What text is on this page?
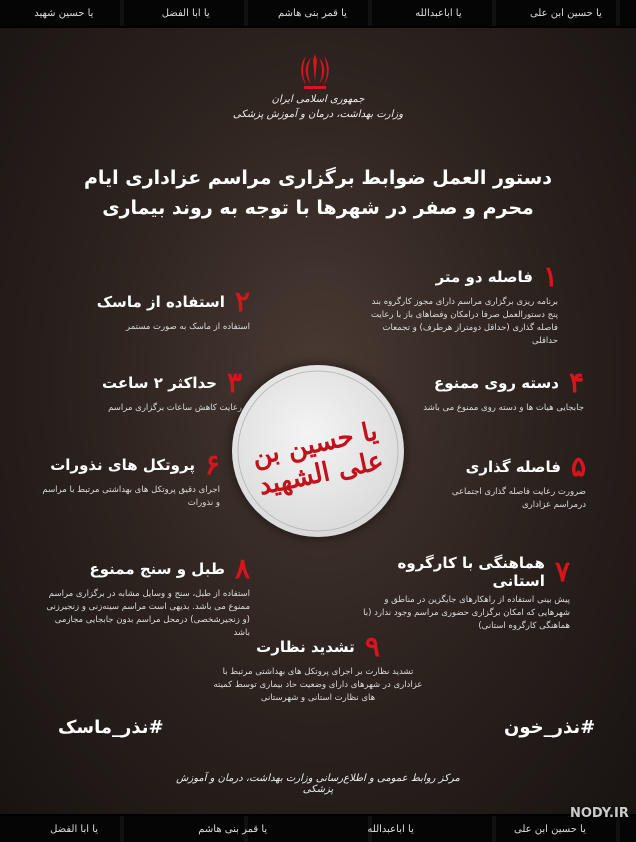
یا حسین ابن علی
یا اباعبدالله
یا قمر بنی هاشم
یا ابا الفضل
یا حسین شهید
جمهوری اسلامی ایران
وزارت بهداشت، درمان و آموزش پزشکی
دستور العمل ضوابط برگزاری مراسم عزاداری ایام
محرم و صفر در شهرها با توجه به روند بیماری
۱
فاصله دو متر
برنامه ریزی برگزاری مراسم دارای مجوز کارگروه بند پنج دستورالعمل صرفا درامکان وفضاهای باز با رعایت فاصله گذاری (حداقل دومتراز هرطرف) و تجمعات حداقلی
۲
استفاده از ماسک
استفاده از ماسک به صورت مستمر
۳
حداکثر ۲ ساعت
رعایت کاهش ساعات برگزاری مراسم
۴
دسته روی ممنوع
جابجایی هیات ها و دسته روی ممنوع می باشد
۵
فاصله گذاری
ضرورت رعایت فاصله گذاری اجتماعی درمراسم عزاداری
۶
پروتکل های نذورات
اجرای دقیق پروتکل های بهداشتی مرتبط با مراسم و نذورات
۷
هماهنگی با کارگروه استانی
پیش بینی استفاده از راهکارهای جایگزین در مناطق و شهرهایی که امکان برگزاری حضوری مراسم وجود ندارد (با هماهنگی کارگروه استانی)
۸
طبل و سنج ممنوع
استفاده از طبل، سنج و وسایل مشابه در برگزاری مراسم ممنوع می باشد. بدیهی است مراسم سینه‌زنی و زنجیرزنی (و زنجیرشخصی) درمحل مراسم بدون جابجایی مجازمی باشد	۹
تشدید نظارت
تشدید نظارت بر اجرای پروتکل های بهداشتی مرتبط با عزاداری در شهرهای دارای وضعیت حاد بیماری توسط کمیته های نظارت استانی و شهرستانی
یا حسین بن علی الشهید
#نذر_خون
#نذر_ماسک
مرکز روابط عمومی و اطلاع‌رسانی وزارت بهداشت، درمان و آموزش پزشکی
یا حسین ابن علی
یا اباعبدالله
یا قمر بنی هاشم
یا ابا الفضل
NODY.IR
